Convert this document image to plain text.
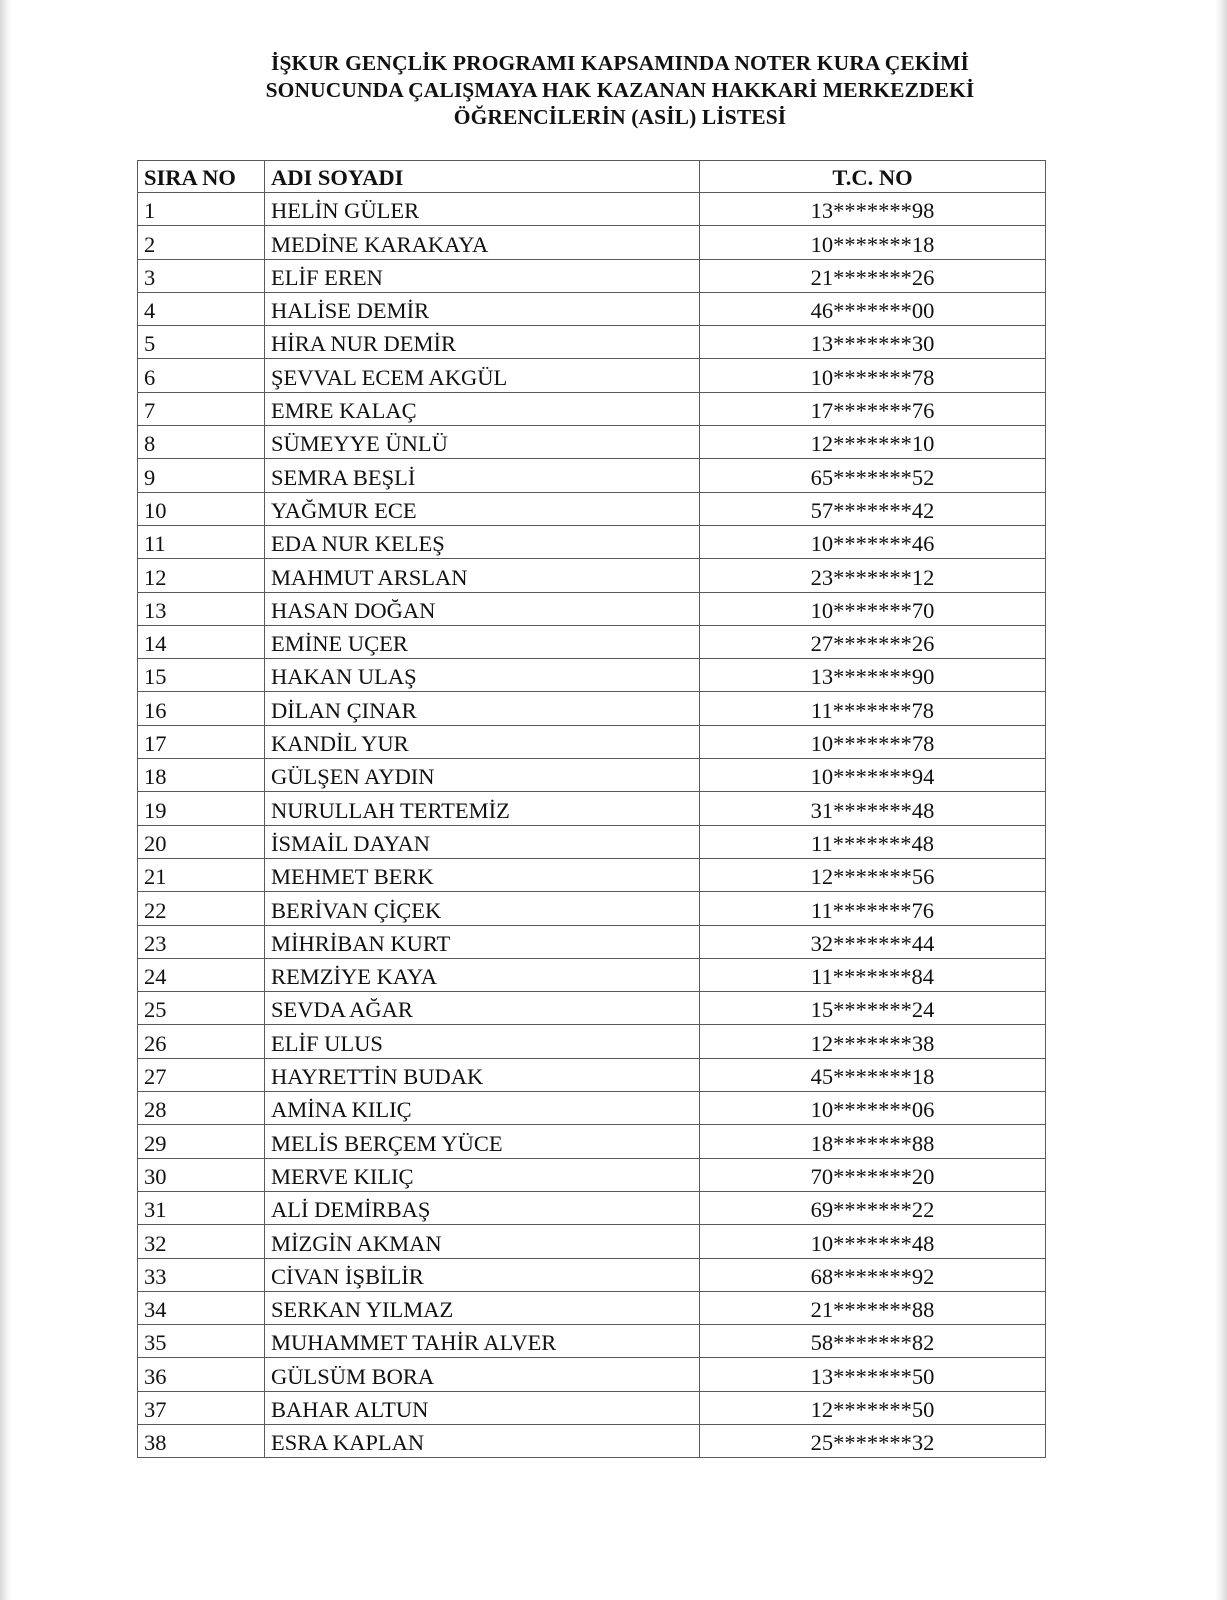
İŞKUR GENÇLİK PROGRAMI KAPSAMINDA NOTER KURA ÇEKİMİ
SONUCUNDA ÇALIŞMAYA HAK KAZANAN HAKKARİ MERKEZDEKİ
ÖĞRENCİLERİN (ASİL) LİSTESİ
SIRA NO	ADI SOYADI	T.C. NO
1	HELİN GÜLER	13*******98
2	MEDİNE KARAKAYA	10*******18
3	ELİF EREN	21*******26
4	HALİSE DEMİR	46*******00
5	HİRA NUR DEMİR	13*******30
6	ŞEVVAL ECEM AKGÜL	10*******78
7	EMRE KALAÇ	17*******76
8	SÜMEYYE ÜNLÜ	12*******10
9	SEMRA BEŞLİ	65*******52
10	YAĞMUR ECE	57*******42
11	EDA NUR KELEŞ	10*******46
12	MAHMUT ARSLAN	23*******12
13	HASAN DOĞAN	10*******70
14	EMİNE UÇER	27*******26
15	HAKAN ULAŞ	13*******90
16	DİLAN ÇINAR	11*******78
17	KANDİL YUR	10*******78
18	GÜLŞEN AYDIN	10*******94
19	NURULLAH TERTEMİZ	31*******48
20	İSMAİL DAYAN	11*******48
21	MEHMET BERK	12*******56
22	BERİVAN ÇİÇEK	11*******76
23	MİHRİBAN KURT	32*******44
24	REMZİYE KAYA	11*******84
25	SEVDA AĞAR	15*******24
26	ELİF ULUS	12*******38
27	HAYRETTİN BUDAK	45*******18
28	AMİNA KILIÇ	10*******06
29	MELİS BERÇEM YÜCE	18*******88
30	MERVE KILIÇ	70*******20
31	ALİ DEMİRBAŞ	69*******22
32	MİZGİN AKMAN	10*******48
33	CİVAN İŞBİLİR	68*******92
34	SERKAN YILMAZ	21*******88
35	MUHAMMET TAHİR ALVER	58*******82
36	GÜLSÜM BORA	13*******50
37	BAHAR ALTUN	12*******50
38	ESRA KAPLAN	25*******32
